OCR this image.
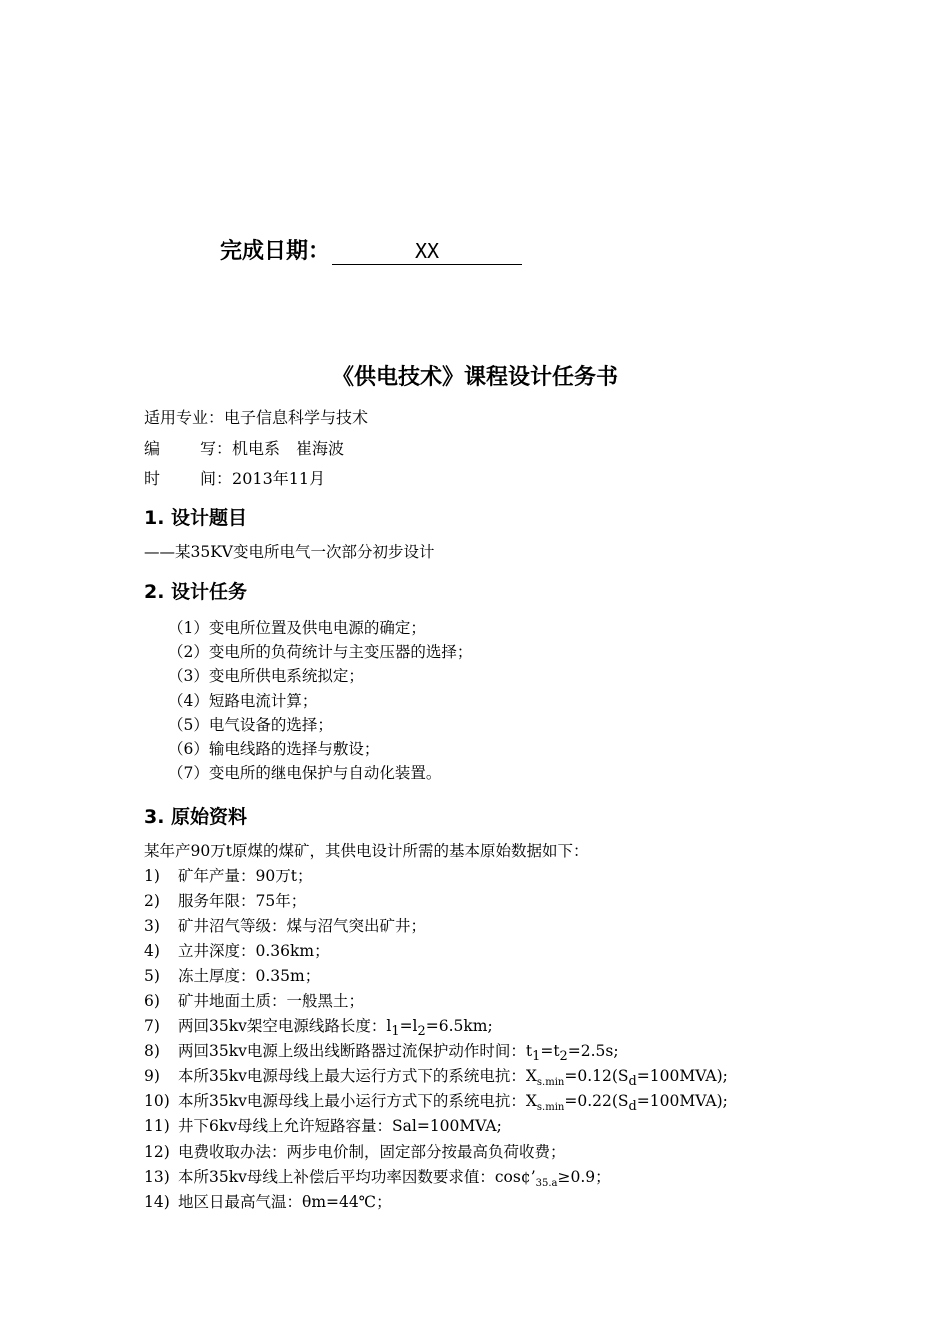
完成日期：	XX
《供电技术》课程设计任务书
适用专业：电子信息科学与技术
编	写：机电系　崔海波
时	间：2013年11月
1. 设计题目
——某35KV变电所电气一次部分初步设计
2. 设计任务
（1）变电所位置及供电电源的确定；
（2）变电所的负荷统计与主变压器的选择；
（3）变电所供电系统拟定；
（4）短路电流计算；
（5）电气设备的选择；
（6）输电线路的选择与敷设；
（7）变电所的继电保护与自动化装置。
3. 原始资料
某年产90万t原煤的煤矿，其供电设计所需的基本原始数据如下：
1) 矿年产量：90万t；
2) 服务年限：75年；
3) 矿井沼气等级：煤与沼气突出矿井；
4) 立井深度：0.36km；
5) 冻土厚度：0.35m；
6) 矿井地面土质：一般黑土；
7) 两回35kv架空电源线路长度：$l_1=l_2=6.5km$;
8) 两回35kv电源上级出线断路器过流保护动作时间：$t_1=t_2=2.5s$;
9) 本所35kv电源母线上最大运行方式下的系统电抗：$X_{s.min}=0.12(S_d=100MVA)$;
10) 本所35kv电源母线上最小运行方式下的系统电抗：$X_{s.min}=0.22(S_d=100MVA)$;
11) 井下6kv母线上允许短路容量：Sal=100MVA;
12) 电费收取办法：两步电价制，固定部分按最高负荷收费；
13) 本所35kv母线上补偿后平均功率因数要求值：$\cos¢’_{35.a}\ge 0.9$；
14) 地区日最高气温：θm=44℃；
